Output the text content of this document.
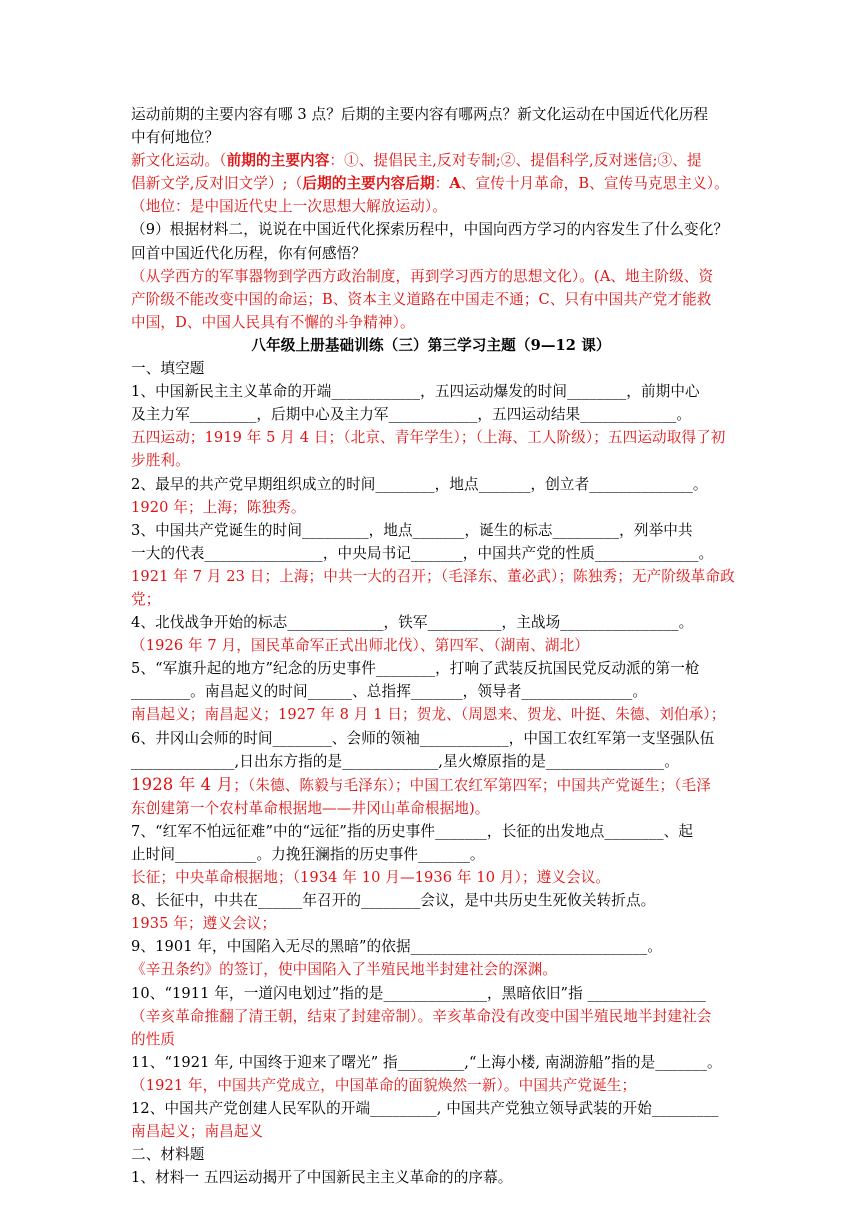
运动前期的主要内容有哪 3 点？后期的主要内容有哪两点？新文化运动在中国近代化历程
中有何地位？
新文化运动。（前期的主要内容：①、提倡民主,反对专制;②、提倡科学,反对迷信;③、提
倡新文学,反对旧文学）;（后期的主要内容后期：A、宣传十月革命，B、宣传马克思主义）。
（地位：是中国近代史上一次思想大解放运动）。
（9）根据材料二，说说在中国近代化探索历程中，中国向西方学习的内容发生了什么变化？
回首中国近代化历程，你有何感悟？
（从学西方的军事器物到学西方政治制度，再到学习西方的思想文化）。(A、地主阶级、资
产阶级不能改变中国的命运；B、资本主义道路在中国走不通；C、只有中国共产党才能救
中国，D、中国人民具有不懈的斗争精神）。
八年级上册基础训练（三）第三学习主题（9—12 课）
一、填空题
1、中国新民主主义革命的开端____________，五四运动爆发的时间________，前期中心
及主力军_________，后期中心及主力军____________，五四运动结果_____________。
五四运动；1919 年 5 月 4 日；（北京、青年学生）；（上海、工人阶级）；五四运动取得了初
步胜利。
2、最早的共产党早期组织成立的时间________，地点_______，创立者______________。
1920 年；上海；陈独秀。
3、中国共产党诞生的时间_________，地点_______，诞生的标志_________，列举中共
一大的代表________________，中央局书记_______，中国共产党的性质______________。
1921 年 7 月 23 日；上海；中共一大的召开；（毛泽东、董必武）；陈独秀；无产阶级革命政
党；
4、北伐战争开始的标志_____________，铁军__________，主战场________________。
（1926 年 7 月，国民革命军正式出师北伐）、第四军、（湖南、湖北）
5、“军旗升起的地方”纪念的历史事件________，打响了武装反抗国民党反动派的第一枪
________。南昌起义的时间______、总指挥_______，领导者_______________。
南昌起义；南昌起义；1927 年 8 月 1 日；贺龙、（周恩来、贺龙、叶挺、朱德、刘伯承）；
6、井冈山会师的时间________、会师的领袖____________，中国工农红军第一支坚强队伍
______________,日出东方指的是_____________,星火燎原指的是________________。
1928 年 4 月；（朱德、陈毅与毛泽东）；中国工农红军第四军；中国共产党诞生；（毛泽
东创建第一个农村革命根据地——井冈山革命根据地)。
7、“红军不怕远征难”中的“远征”指的历史事件_______，长征的出发地点________、起
止时间___________。力挽狂澜指的历史事件_______。
长征；中央革命根据地；（1934 年 10 月—1936 年 10 月）；遵义会议。
8、长征中，中共在______年召开的________会议，是中共历史生死攸关转折点。
1935 年；遵义会议；
9、1901 年，中国陷入无尽的黑暗”的依据________________________________。
《辛丑条约》的签订，使中国陷入了半殖民地半封建社会的深渊。
10、“1911 年，一道闪电划过”指的是______________，黑暗依旧”指 ________________
（辛亥革命推翻了清王朝，结束了封建帝制）。辛亥革命没有改变中国半殖民地半封建社会
的性质
11、“1921 年, 中国终于迎来了曙光” 指_________,“上海小楼, 南湖游船”指的是_______。
（1921 年，中国共产党成立，中国革命的面貌焕然一新）。中国共产党诞生；
12、中国共产党创建人民军队的开端_________, 中国共产党独立领导武装的开始_________
南昌起义；南昌起义
二、材料题
1、材料一 五四运动揭开了中国新民主主义革命的的序幕。
